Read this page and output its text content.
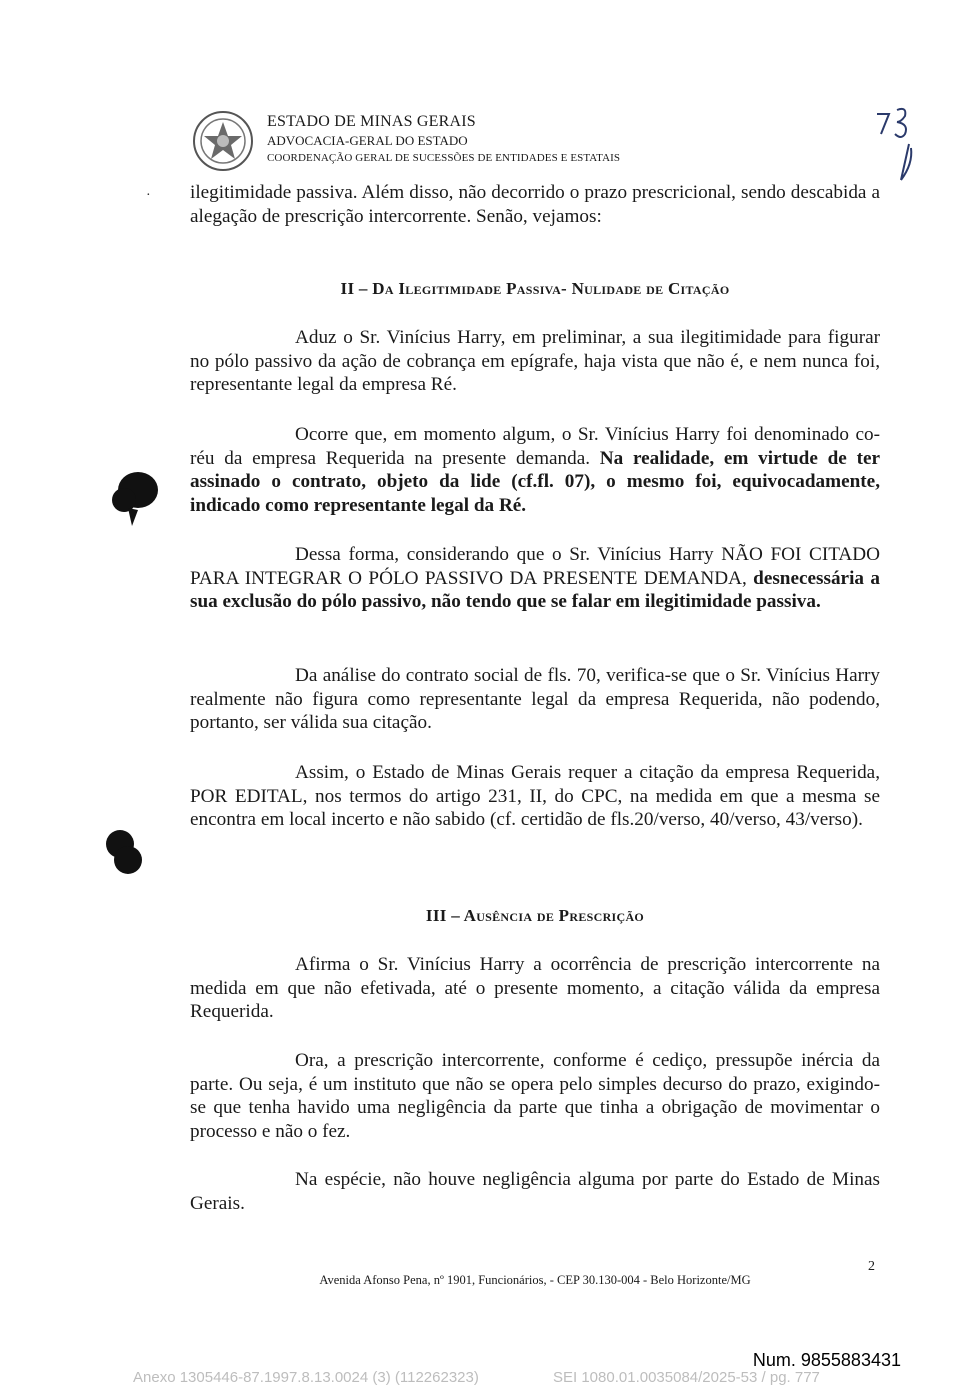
ESTADO DE MINAS GERAIS
ADVOCACIA-GERAL DO ESTADO
COORDENAÇÃO GERAL DE SUCESSÕES DE ENTIDADES E ESTATAIS
· ilegitimidade passiva. Além disso, não decorrido o prazo prescricional, sendo descabida a alegação de prescrição intercorrente. Senão, vejamos:
II – Da Ilegitimidade Passiva- Nulidade de Citação
Aduz o Sr. Vinícius Harry, em preliminar, a sua ilegitimidade para figurar no pólo passivo da ação de cobrança em epígrafe, haja vista que não é, e nem nunca foi, representante legal da empresa Ré.
Ocorre que, em momento algum, o Sr. Vinícius Harry foi denominado co-réu da empresa Requerida na presente demanda. Na realidade, em virtude de ter assinado o contrato, objeto da lide (cf.fl. 07), o mesmo foi, equivocadamente, indicado como representante legal da Ré.
Dessa forma, considerando que o Sr. Vinícius Harry NÃO FOI CITADO PARA INTEGRAR O PÓLO PASSIVO DA PRESENTE DEMANDA, desnecessária a sua exclusão do pólo passivo, não tendo que se falar em ilegitimidade passiva.
Da análise do contrato social de fls. 70, verifica-se que o Sr. Vinícius Harry realmente não figura como representante legal da empresa Requerida, não podendo, portanto, ser válida sua citação.
Assim, o Estado de Minas Gerais requer a citação da empresa Requerida, POR EDITAL, nos termos do artigo 231, II, do CPC, na medida em que a mesma se encontra em local incerto e não sabido (cf. certidão de fls.20/verso, 40/verso, 43/verso).
III – Ausência de Prescrição
Afirma o Sr. Vinícius Harry a ocorrência de prescrição intercorrente na medida em que não efetivada, até o presente momento, a citação válida da empresa Requerida.
Ora, a prescrição intercorrente, conforme é cediço, pressupõe inércia da parte. Ou seja, é um instituto que não se opera pelo simples decurso do prazo, exigindo-se que tenha havido uma negligência da parte que tinha a obrigação de movimentar o processo e não o fez.
Na espécie, não houve negligência alguma por parte do Estado de Minas Gerais.
2
Avenida Afonso Pena, nº 1901, Funcionários, - CEP 30.130-004 - Belo Horizonte/MG
Num. 9855883431
Anexo 1305446-87.1997.8.13.0024 (3) (112262323)	SEI 1080.01.0035084/2025-53 / pg. 777
